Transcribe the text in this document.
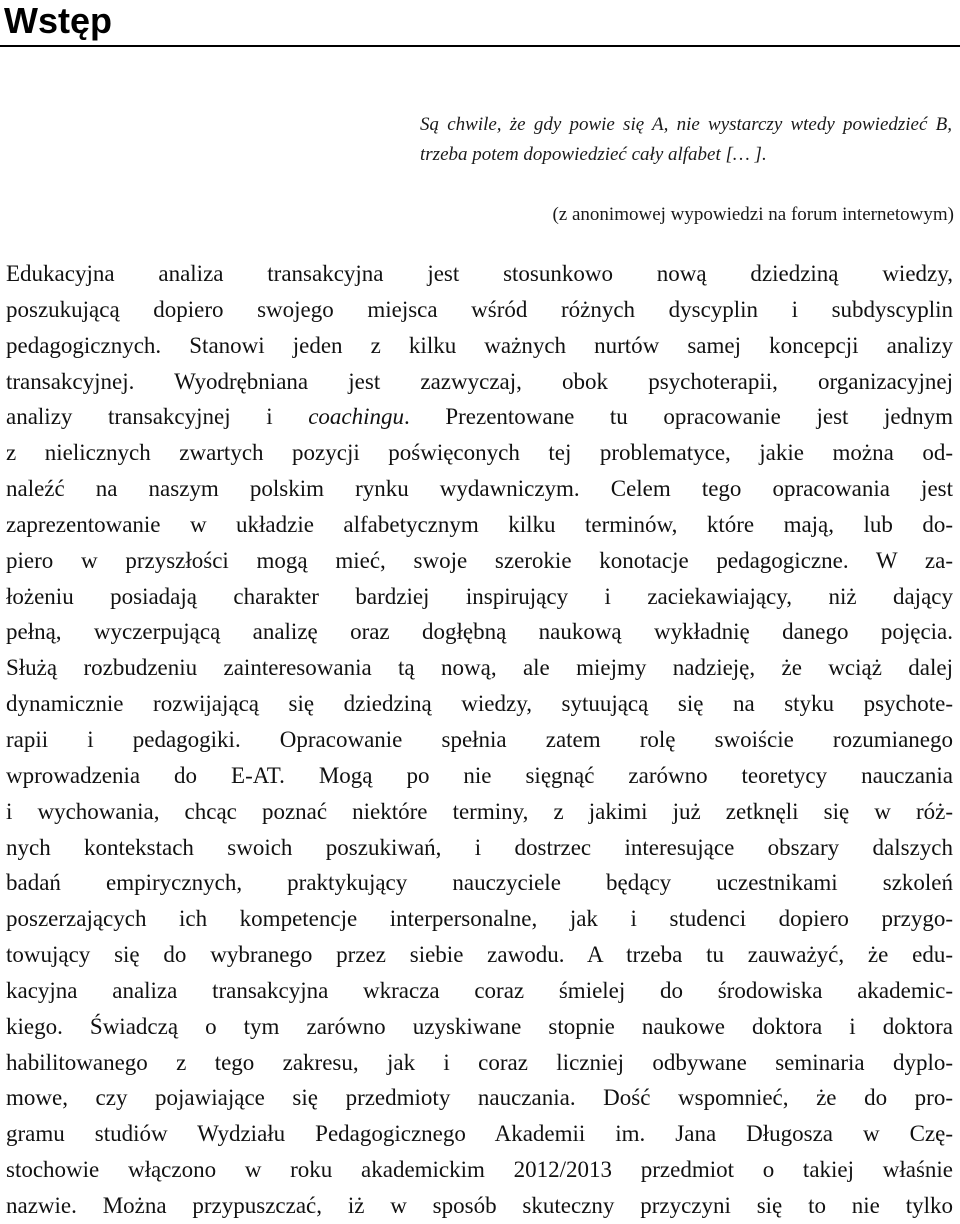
Wstęp

Są chwile, że gdy powie się A, nie wystarczy wtedy powiedzieć B, trzeba potem dopowiedzieć cały alfabet [… ].

(z anonimowej wypowiedzi na forum internetowym)

Edukacyjna analiza transakcyjna jest stosunkowo nową dziedziną wiedzy,
poszukującą dopiero swojego miejsca wśród różnych dyscyplin i subdyscyplin
pedagogicznych. Stanowi jeden z kilku ważnych nurtów samej koncepcji analizy
transakcyjnej. Wyodrębniana jest zazwyczaj, obok psychoterapii, organizacyjnej
analizy transakcyjnej i coachingu. Prezentowane tu opracowanie jest jednym
z nielicznych zwartych pozycji poświęconych tej problematyce, jakie można od-
naleźć na naszym polskim rynku wydawniczym. Celem tego opracowania jest
zaprezentowanie w układzie alfabetycznym kilku terminów, które mają, lub do-
piero w przyszłości mogą mieć, swoje szerokie konotacje pedagogiczne. W za-
łożeniu posiadają charakter bardziej inspirujący i zaciekawiający, niż dający
pełną, wyczerpującą analizę oraz dogłębną naukową wykładnię danego pojęcia.
Służą rozbudzeniu zainteresowania tą nową, ale miejmy nadzieję, że wciąż dalej
dynamicznie rozwijającą się dziedziną wiedzy, sytuującą się na styku psychote-
rapii i pedagogiki. Opracowanie spełnia zatem rolę swoiście rozumianego
wprowadzenia do E-AT. Mogą po nie sięgnąć zarówno teoretycy nauczania
i wychowania, chcąc poznać niektóre terminy, z jakimi już zetknęli się w róż-
nych kontekstach swoich poszukiwań, i dostrzec interesujące obszary dalszych
badań empirycznych, praktykujący nauczyciele będący uczestnikami szkoleń
poszerzających ich kompetencje interpersonalne, jak i studenci dopiero przygo-
towujący się do wybranego przez siebie zawodu. A trzeba tu zauważyć, że edu-
kacyjna analiza transakcyjna wkracza coraz śmielej do środowiska akademic-
kiego. Świadczą o tym zarówno uzyskiwane stopnie naukowe doktora i doktora
habilitowanego z tego zakresu, jak i coraz liczniej odbywane seminaria dyplo-
mowe, czy pojawiające się przedmioty nauczania. Dość wspomnieć, że do pro-
gramu studiów Wydziału Pedagogicznego Akademii im. Jana Długosza w Czę-
stochowie włączono w roku akademickim 2012/2013 przedmiot o takiej właśnie
nazwie. Można przypuszczać, iż w sposób skuteczny przyczyni się to nie tylko
